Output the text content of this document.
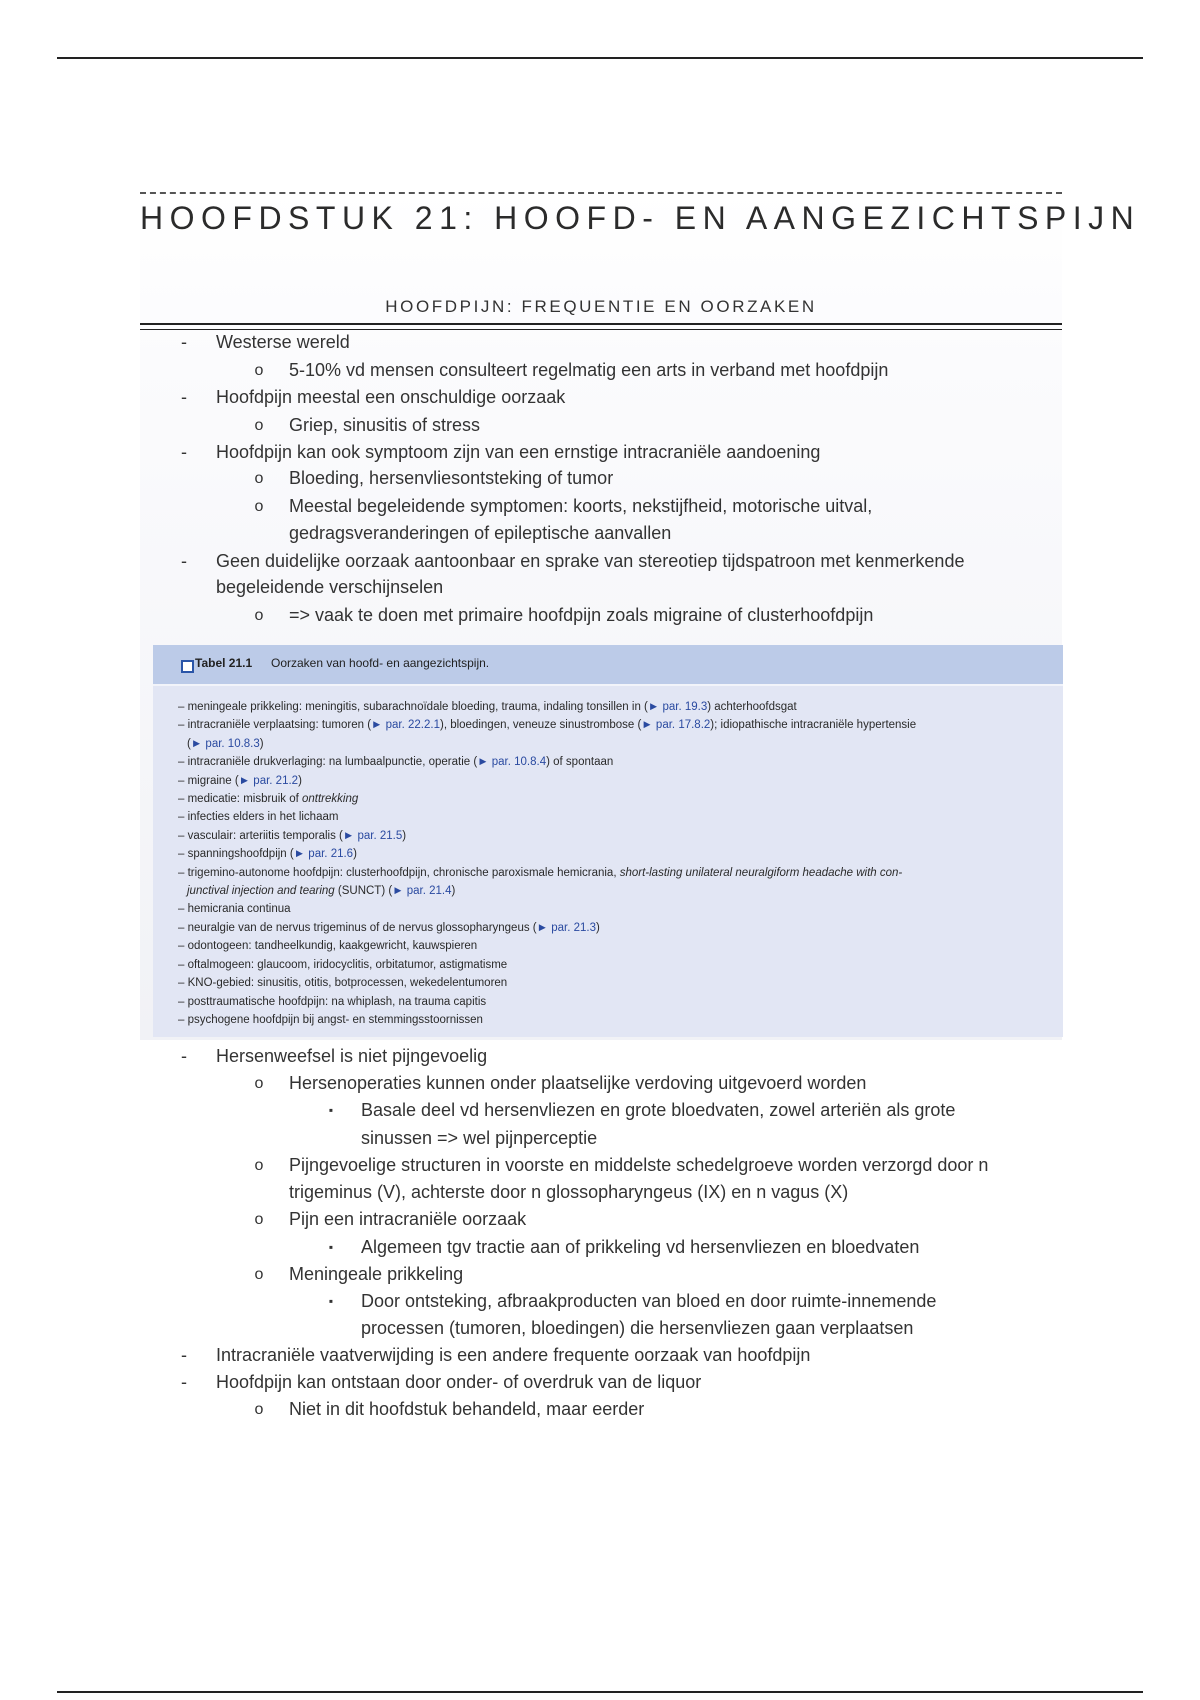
HOOFDSTUK 21: HOOFD- EN AANGEZICHTSPIJN
HOOFDPIJN: FREQUENTIE EN OORZAKEN
-	Westerse wereld
o	5-10% vd mensen consulteert regelmatig een arts in verband met hoofdpijn
-	Hoofdpijn meestal een onschuldige oorzaak
o	Griep, sinusitis of stress
-	Hoofdpijn kan ook symptoom zijn van een ernstige intracraniële aandoening
o	Bloeding, hersenvliesontsteking of tumor
o	Meestal begeleidende symptomen: koorts, nekstijfheid, motorische uitval,
gedragsveranderingen of epileptische aanvallen
-	Geen duidelijke oorzaak aantoonbaar en sprake van stereotiep tijdspatroon met kenmerkende
begeleidende verschijnselen
o	=> vaak te doen met primaire hoofdpijn zoals migraine of clusterhoofdpijn
Tabel 21.1 Oorzaken van hoofd- en aangezichtspijn.
– meningeale prikkeling: meningitis, subarachnoïdale bloeding, trauma, indaling tonsillen in (► par. 19.3) achterhoofdsgat
– intracraniële verplaatsing: tumoren (► par. 22.2.1), bloedingen, veneuze sinustrombose (► par. 17.8.2); idiopathische intracraniële hypertensie
(► par. 10.8.3)
– intracraniële drukverlaging: na lumbaalpunctie, operatie (► par. 10.8.4) of spontaan
– migraine (► par. 21.2)
– medicatie: misbruik of onttrekking
– infecties elders in het lichaam
– vasculair: arteriitis temporalis (► par. 21.5)
– spanningshoofdpijn (► par. 21.6)
– trigemino-autonome hoofdpijn: clusterhoofdpijn, chronische paroxismale hemicrania, short-lasting unilateral neuralgiform headache with con-
junctival injection and tearing (SUNCT) (► par. 21.4)
– hemicrania continua
– neuralgie van de nervus trigeminus of de nervus glossopharyngeus (► par. 21.3)
– odontogeen: tandheelkundig, kaakgewricht, kauwspieren
– oftalmogeen: glaucoom, iridocyclitis, orbitatumor, astigmatisme
– KNO-gebied: sinusitis, otitis, botprocessen, wekedelentumoren
– posttraumatische hoofdpijn: na whiplash, na trauma capitis
– psychogene hoofdpijn bij angst- en stemmingsstoornissen
-	Hersenweefsel is niet pijngevoelig
o	Hersenoperaties kunnen onder plaatselijke verdoving uitgevoerd worden
▪	Basale deel vd hersenvliezen en grote bloedvaten, zowel arteriën als grote
sinussen => wel pijnperceptie
o	Pijngevoelige structuren in voorste en middelste schedelgroeve worden verzorgd door n
trigeminus (V), achterste door n glossopharyngeus (IX) en n vagus (X)
o	Pijn een intracraniële oorzaak
▪	Algemeen tgv tractie aan of prikkeling vd hersenvliezen en bloedvaten
o	Meningeale prikkeling
▪	Door ontsteking, afbraakproducten van bloed en door ruimte-innemende
processen (tumoren, bloedingen) die hersenvliezen gaan verplaatsen
-	Intracraniële vaatverwijding is een andere frequente oorzaak van hoofdpijn
-	Hoofdpijn kan ontstaan door onder- of overdruk van de liquor
o	Niet in dit hoofdstuk behandeld, maar eerder
